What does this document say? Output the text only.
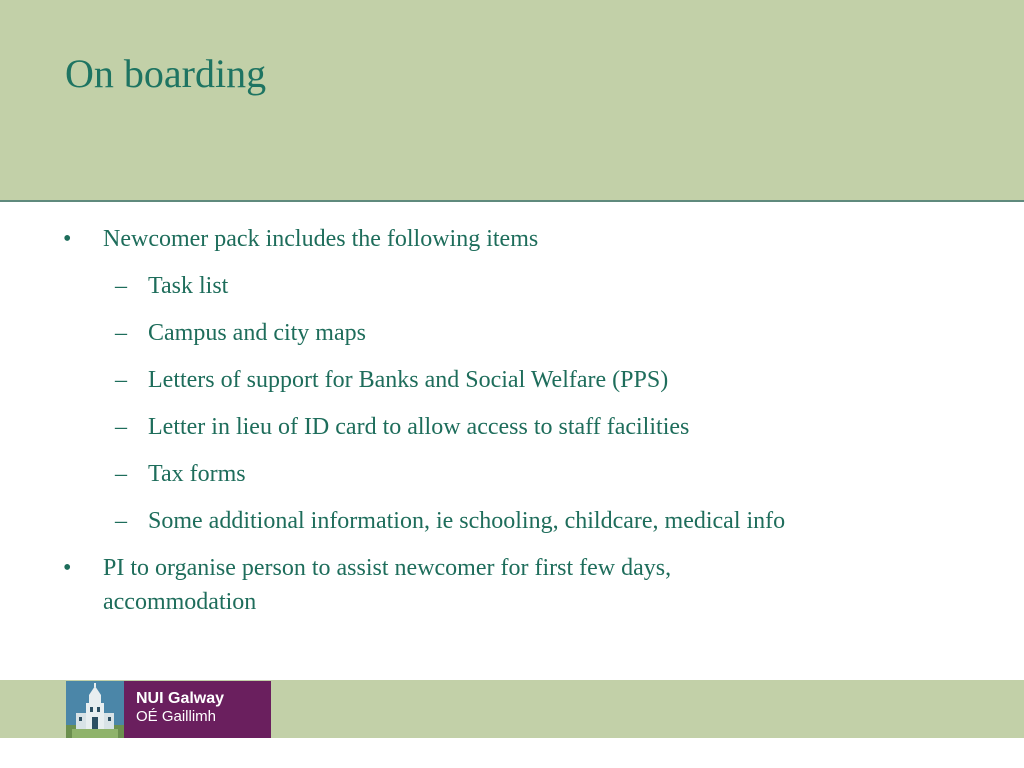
On boarding
• Newcomer pack includes the following items
– Task list
– Campus and city maps
– Letters of support for Banks and Social Welfare (PPS)
– Letter in lieu of ID card to allow access to staff facilities
– Tax forms
– Some additional information, ie schooling, childcare, medical info
• PI to organise person to assist newcomer for first few days, accommodation
NUI Galway
OÉ Gaillimh
